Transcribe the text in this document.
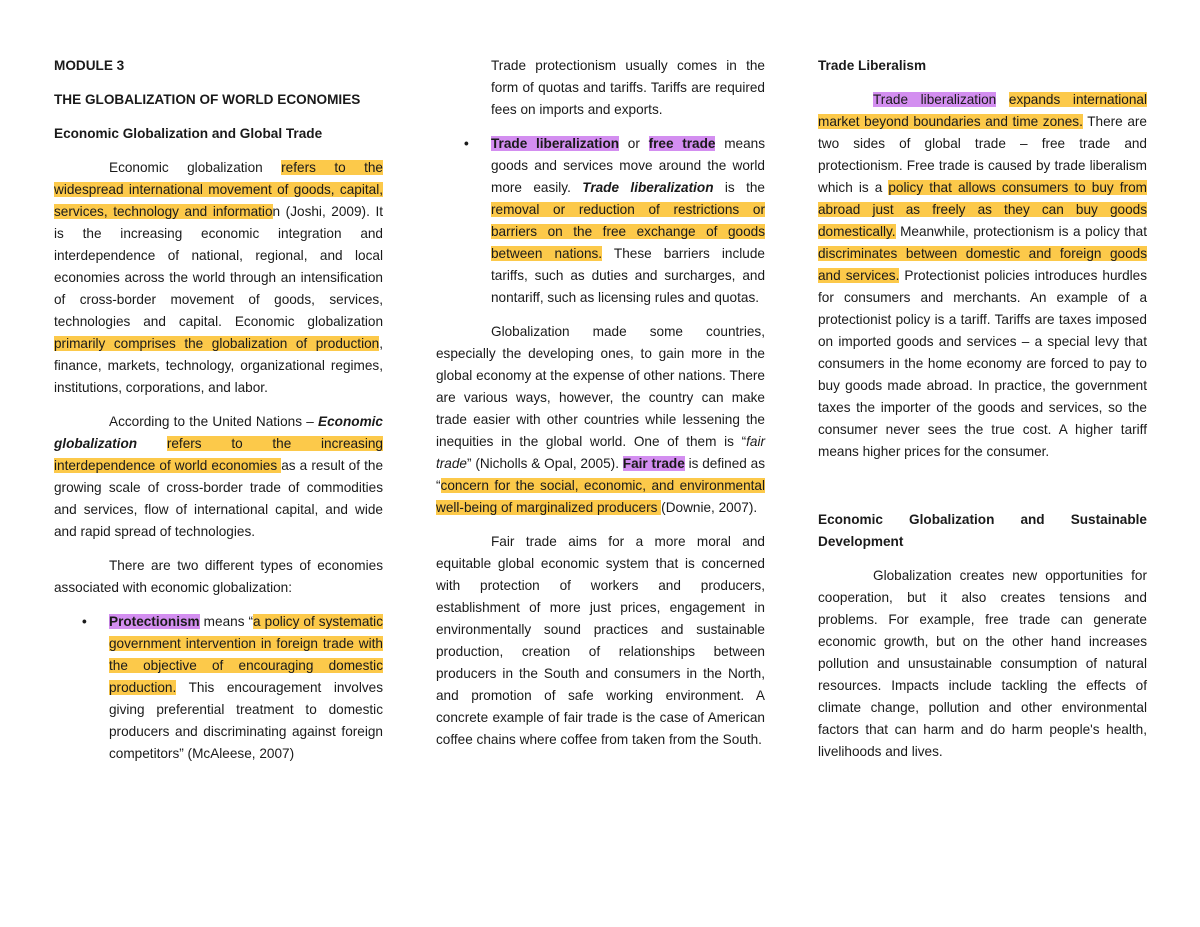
MODULE 3
THE GLOBALIZATION OF WORLD ECONOMIES
Economic Globalization and Global Trade

Economic globalization refers to the widespread international movement of goods, capital, services, technology and information (Joshi, 2009). It is the increasing economic integration and interdependence of national, regional, and local economies across the world through an intensification of cross-border movement of goods, services, technologies and capital. Economic globalization primarily comprises the globalization of production, finance, markets, technology, organizational regimes, institutions, corporations, and labor.

According to the United Nations – Economic globalization refers to the increasing interdependence of world economies as a result of the growing scale of cross-border trade of commodities and services, flow of international capital, and wide and rapid spread of technologies.

There are two different types of economies associated with economic globalization:

• Protectionism means “a policy of systematic government intervention in foreign trade with the objective of encouraging domestic production. This encouragement involves giving preferential treatment to domestic producers and discriminating against foreign competitors” (McAleese, 2007)
Trade protectionism usually comes in the form of quotas and tariffs. Tariffs are required fees on imports and exports.
• Trade liberalization or free trade means goods and services move around the world more easily. Trade liberalization is the removal or reduction of restrictions or barriers on the free exchange of goods between nations. These barriers include tariffs, such as duties and surcharges, and nontariff, such as licensing rules and quotas.

Globalization made some countries, especially the developing ones, to gain more in the global economy at the expense of other nations. There are various ways, however, the country can make trade easier with other countries while lessening the inequities in the global world. One of them is “fair trade” (Nicholls & Opal, 2005). Fair trade is defined as “concern for the social, economic, and environmental well-being of marginalized producers (Downie, 2007).

Fair trade aims for a more moral and equitable global economic system that is concerned with protection of workers and producers, establishment of more just prices, engagement in environmentally sound practices and sustainable production, creation of relationships between producers in the South and consumers in the North, and promotion of safe working environment. A concrete example of fair trade is the case of American coffee chains where coffee from taken from the South.

Trade Liberalism

Trade liberalization expands international market beyond boundaries and time zones. There are two sides of global trade – free trade and protectionism. Free trade is caused by trade liberalism which is a policy that allows consumers to buy from abroad just as freely as they can buy goods domestically. Meanwhile, protectionism is a policy that discriminates between domestic and foreign goods and services. Protectionist policies introduces hurdles for consumers and merchants. An example of a protectionist policy is a tariff. Tariffs are taxes imposed on imported goods and services – a special levy that consumers in the home economy are forced to pay to buy goods made abroad. In practice, the government taxes the importer of the goods and services, so the consumer never sees the true cost. A higher tariff means higher prices for the consumer.

Economic Globalization and Sustainable Development

Globalization creates new opportunities for cooperation, but it also creates tensions and problems. For example, free trade can generate economic growth, but on the other hand increases pollution and unsustainable consumption of natural resources. Impacts include tackling the effects of climate change, pollution and other environmental factors that can harm and do harm people's health, livelihoods and lives.
